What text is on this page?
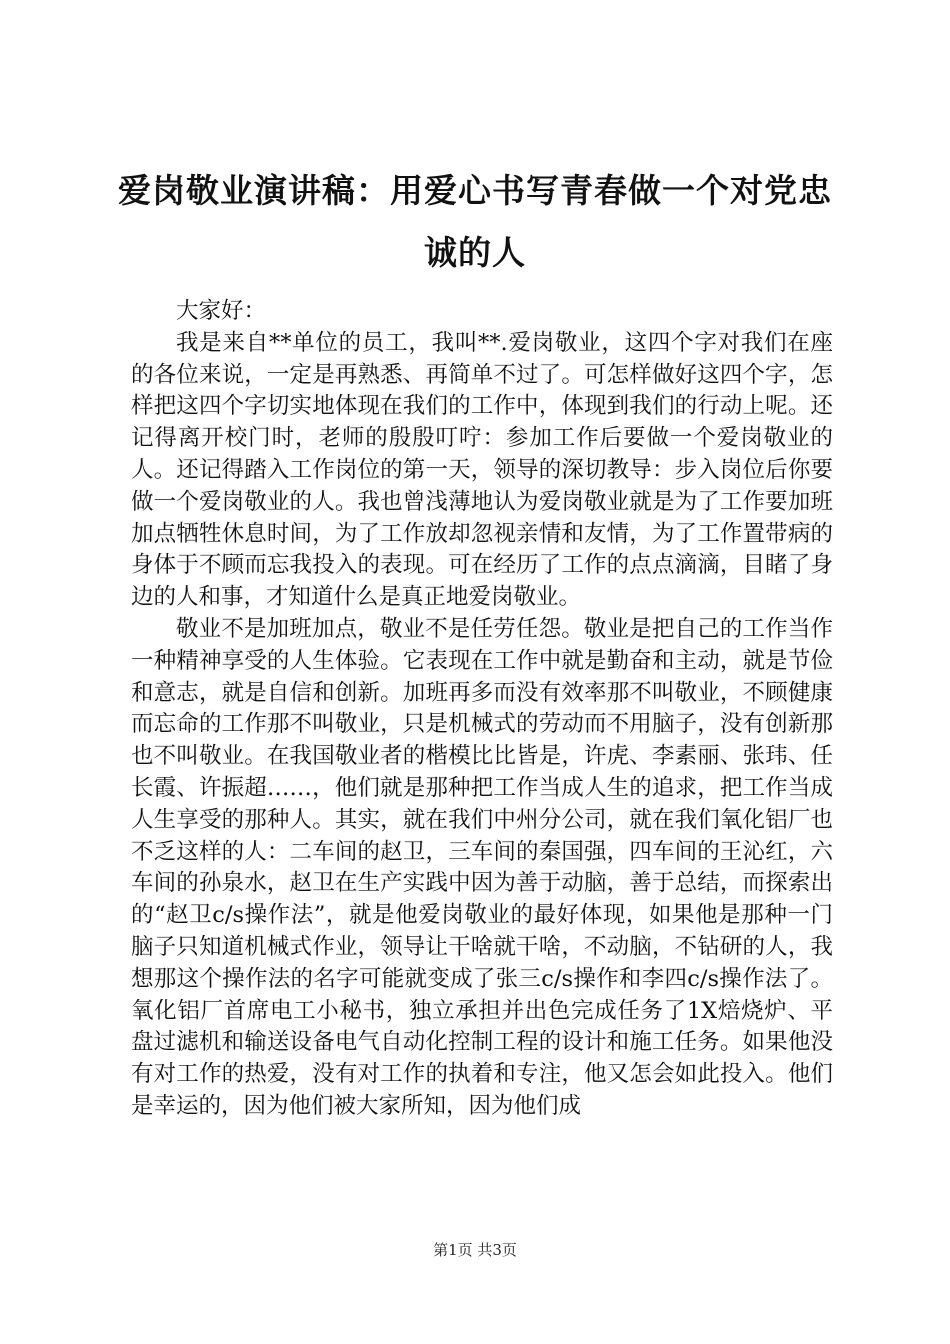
爱岗敬业演讲稿：用爱心书写青春做一个对党忠诚的人

大家好：

我是来自**单位的员工，我叫**.爱岗敬业，这四个字对我们在座的各位来说，一定是再熟悉、再简单不过了。可怎样做好这四个字，怎样把这四个字切实地体现在我们的工作中，体现到我们的行动上呢。还记得离开校门时，老师的殷殷叮咛：参加工作后要做一个爱岗敬业的人。还记得踏入工作岗位的第一天，领导的深切教导：步入岗位后你要做一个爱岗敬业的人。我也曾浅薄地认为爱岗敬业就是为了工作要加班加点牺牲休息时间，为了工作放却忽视亲情和友情，为了工作置带病的身体于不顾而忘我投入的表现。可在经历了工作的点点滴滴，目睹了身边的人和事，才知道什么是真正地爱岗敬业。

敬业不是加班加点，敬业不是任劳任怨。敬业是把自己的工作当作一种精神享受的人生体验。它表现在工作中就是勤奋和主动，就是节俭和意志，就是自信和创新。加班再多而没有效率那不叫敬业，不顾健康而忘命的工作那不叫敬业，只是机械式的劳动而不用脑子，没有创新那也不叫敬业。在我国敬业者的楷模比比皆是，许虎、李素丽、张玮、任长霞、许振超……，他们就是那种把工作当成人生的追求，把工作当成人生享受的那种人。其实，就在我们中州分公司，就在我们氧化铝厂也不乏这样的人：二车间的赵卫，三车间的秦国强，四车间的王沁红，六车间的孙泉水，赵卫在生产实践中因为善于动脑，善于总结，而探索出的“赵卫c/s操作法”，就是他爱岗敬业的最好体现，如果他是那种一门脑子只知道机械式作业，领导让干啥就干啥，不动脑，不钻研的人，我想那这个操作法的名字可能就变成了张三c/s操作和李四c/s操作法了。氧化铝厂首席电工小秘书，独立承担并出色完成任务了1X焙烧炉、平盘过滤机和输送设备电气自动化控制工程的设计和施工任务。如果他没有对工作的热爱，没有对工作的执着和专注，他又怎会如此投入。他们是幸运的，因为他们被大家所知，因为他们成

第1页 共3页
